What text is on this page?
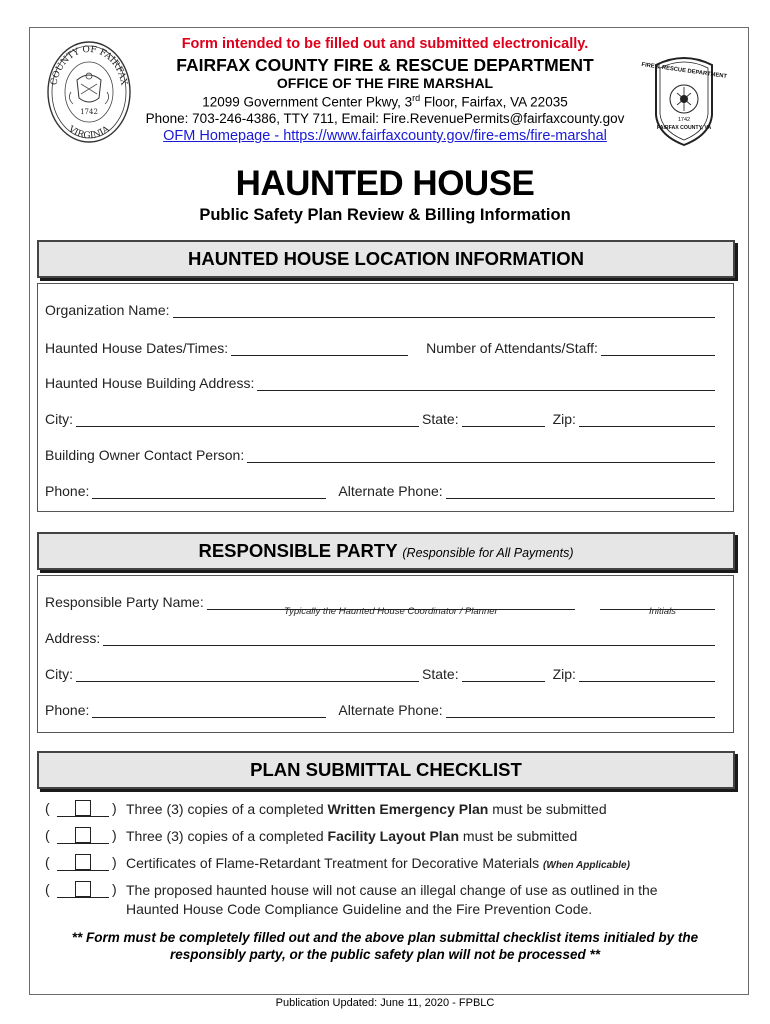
COUNTY OF FAIRFAX
VIRGINIA
1742
FIRE & RESCUE DEPARTMENT
1742
FAIRFAX COUNTY, VA
Form intended to be filled out and submitted electronically.
FAIRFAX COUNTY FIRE & RESCUE DEPARTMENT
OFFICE OF THE FIRE MARSHAL
12099 Government Center Pkwy, 3rd Floor, Fairfax, VA 22035
Phone: 703-246-4386, TTY 711, Email: Fire.RevenuePermits@fairfaxcounty.gov
OFM Homepage - https://www.fairfaxcounty.gov/fire-ems/fire-marshal
HAUNTED HOUSE
Public Safety Plan Review & Billing Information
HAUNTED HOUSE LOCATION INFORMATION
Organization Name:
Haunted House Dates/Times:	Number of Attendants/Staff:
Haunted House Building Address:
City:	State:	Zip:
Building Owner Contact Person:
Phone:	Alternate Phone:
RESPONSIBLE PARTY (Responsible for All Payments)
Responsible Party Name:
Typically the Haunted House Coordinator / Planner	Initials
Address:
City:	State:	Zip:
Phone:	Alternate Phone:
PLAN SUBMITTAL CHECKLIST
(	) Three (3) copies of a completed Written Emergency Plan must be submitted
(	) Three (3) copies of a completed Facility Layout Plan must be submitted
(	) Certificates of Flame-Retardant Treatment for Decorative Materials (When Applicable)
(	) The proposed haunted house will not cause an illegal change of use as outlined in the
Haunted House Code Compliance Guideline and the Fire Prevention Code.
** Form must be completely filled out and the above plan submittal checklist items initialed by the
responsibly party, or the public safety plan will not be processed **
Publication Updated: June 11, 2020 - FPBLC
